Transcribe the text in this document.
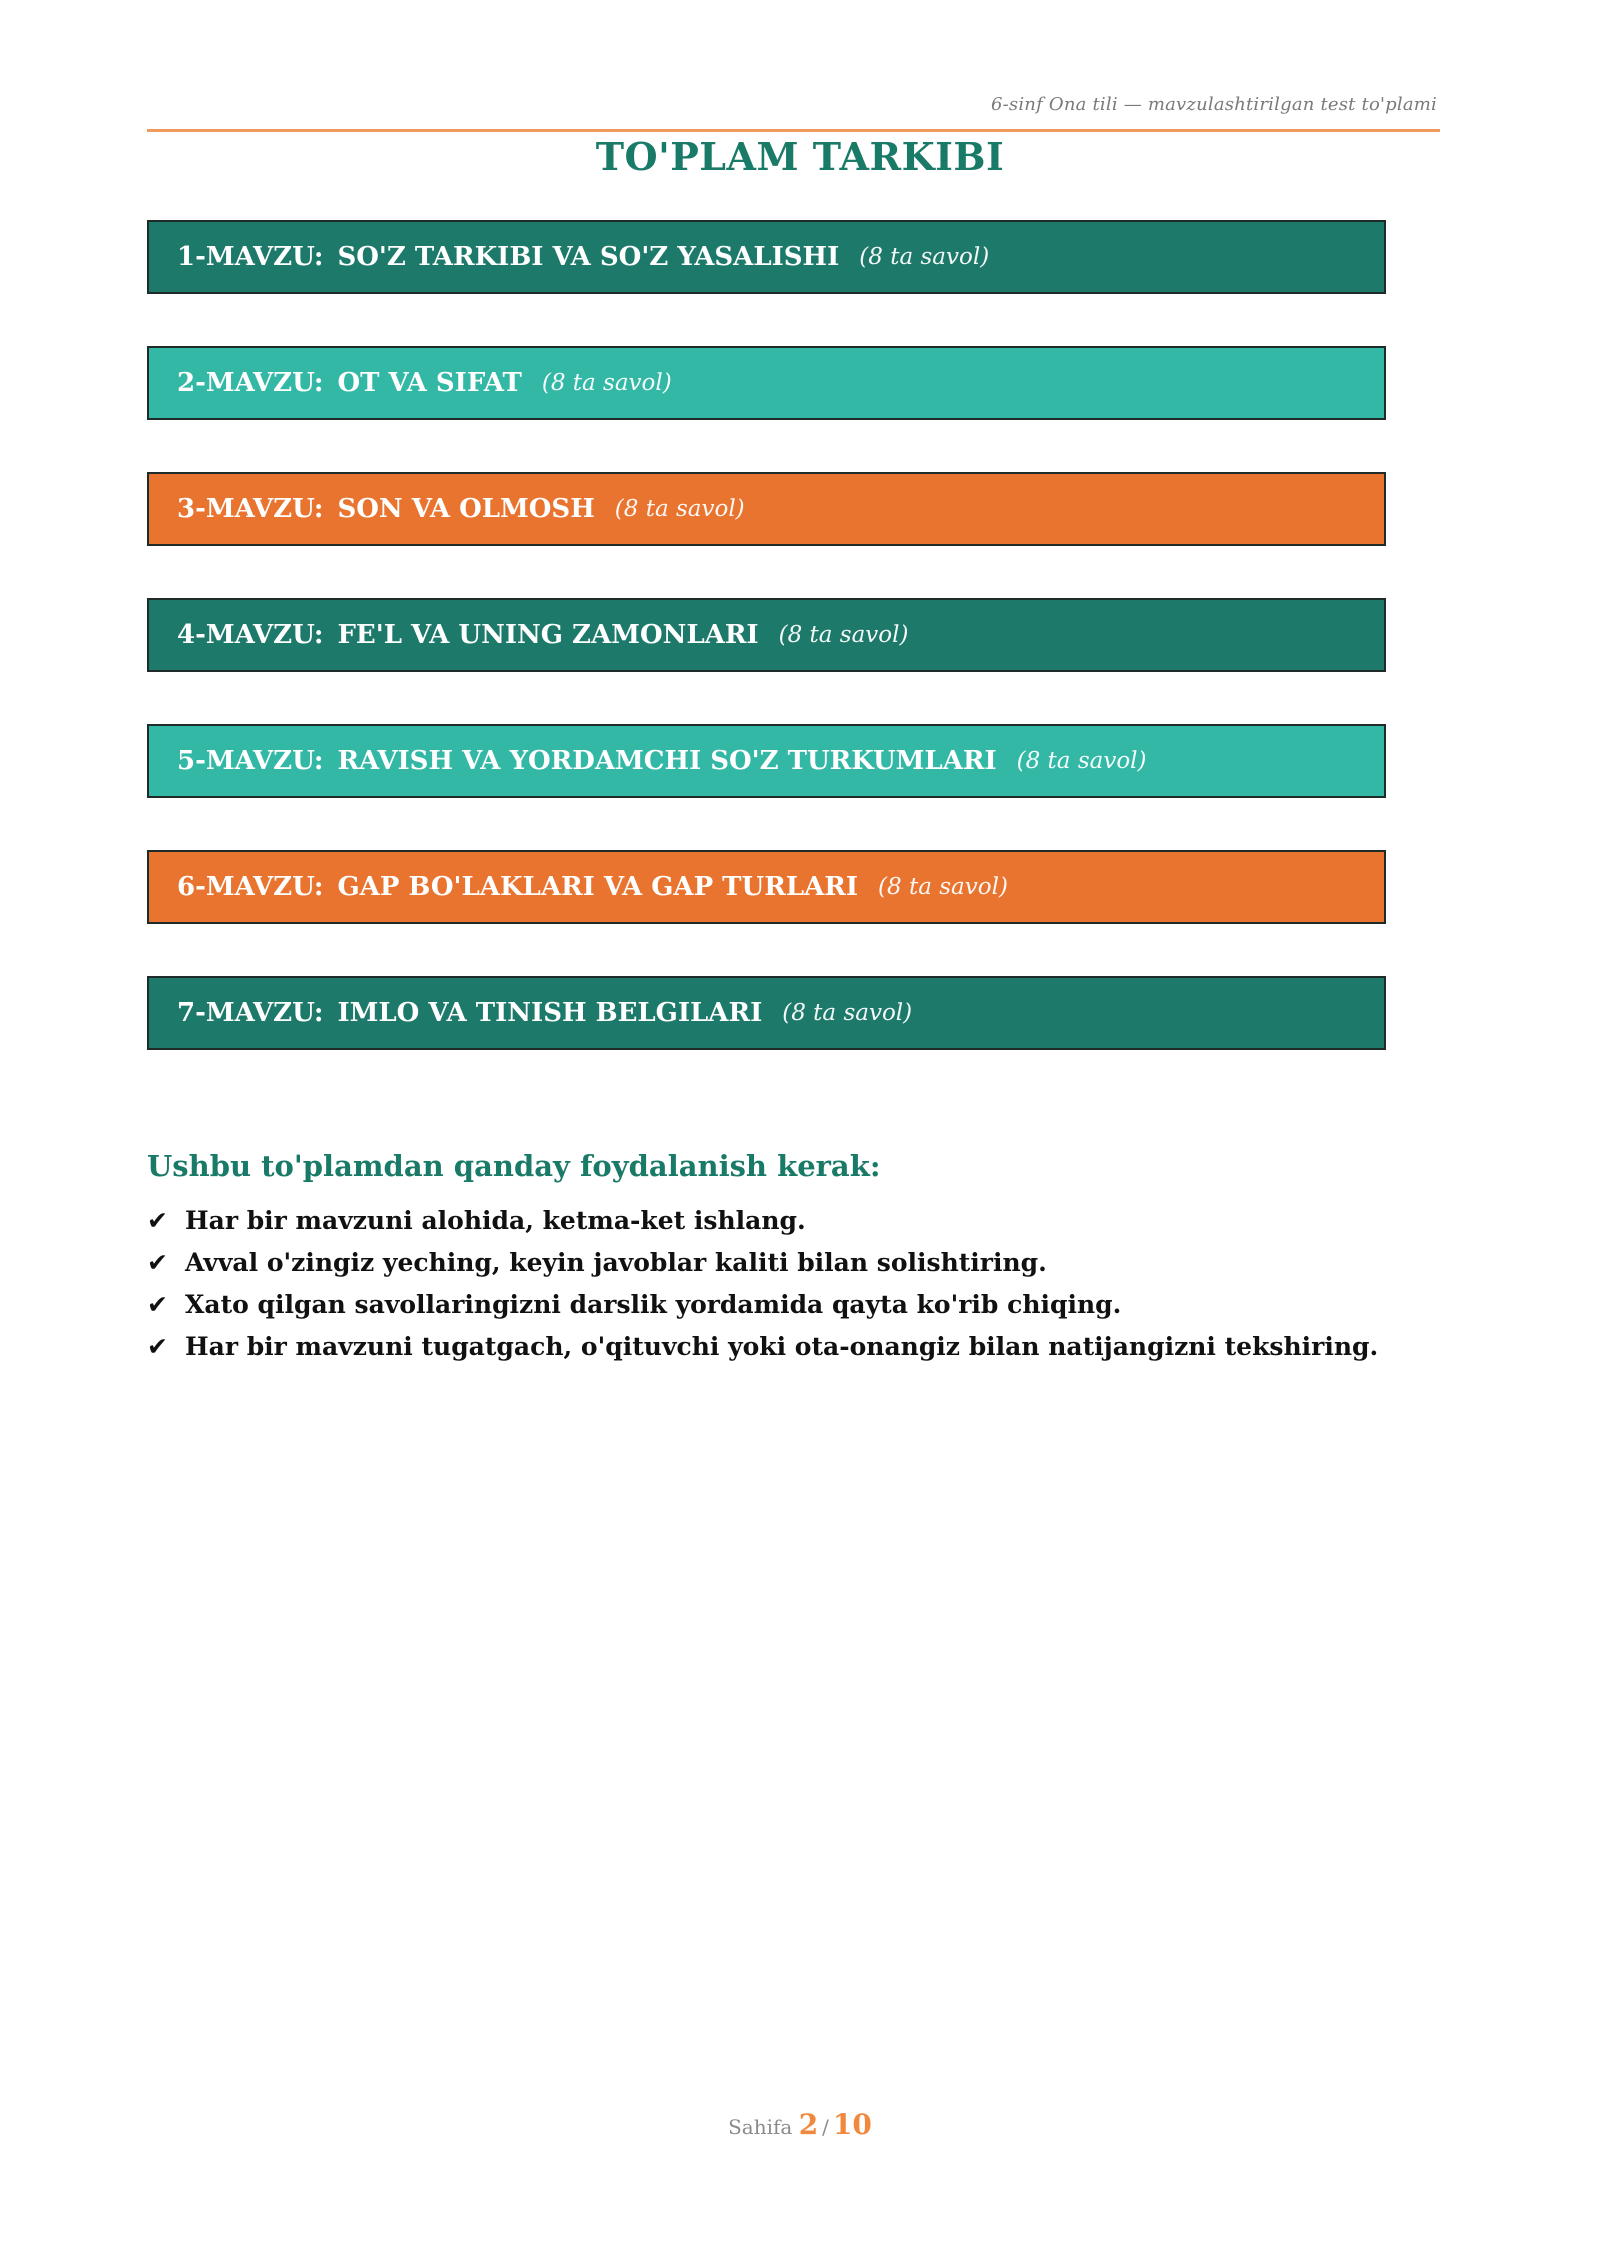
6-sinf Ona tili — mavzulashtirilgan test to'plami
TO'PLAM TARKIBI
1-MAVZU: SO'Z TARKIBI VA SO'Z YASALISHI (8 ta savol)
2-MAVZU: OT VA SIFAT (8 ta savol)
3-MAVZU: SON VA OLMOSH (8 ta savol)
4-MAVZU: FE'L VA UNING ZAMONLARI (8 ta savol)
5-MAVZU: RAVISH VA YORDAMCHI SO'Z TURKUMLARI (8 ta savol)
6-MAVZU: GAP BO'LAKLARI VA GAP TURLARI (8 ta savol)
7-MAVZU: IMLO VA TINISH BELGILARI (8 ta savol)
Ushbu to'plamdan qanday foydalanish kerak:
✔ Har bir mavzuni alohida, ketma-ket ishlang.
✔ Avval o'zingiz yeching, keyin javoblar kaliti bilan solishtiring.
✔ Xato qilgan savollaringizni darslik yordamida qayta ko'rib chiqing.
✔ Har bir mavzuni tugatgach, o'qituvchi yoki ota-onangiz bilan natijangizni tekshiring.
Sahifa 2 / 10
